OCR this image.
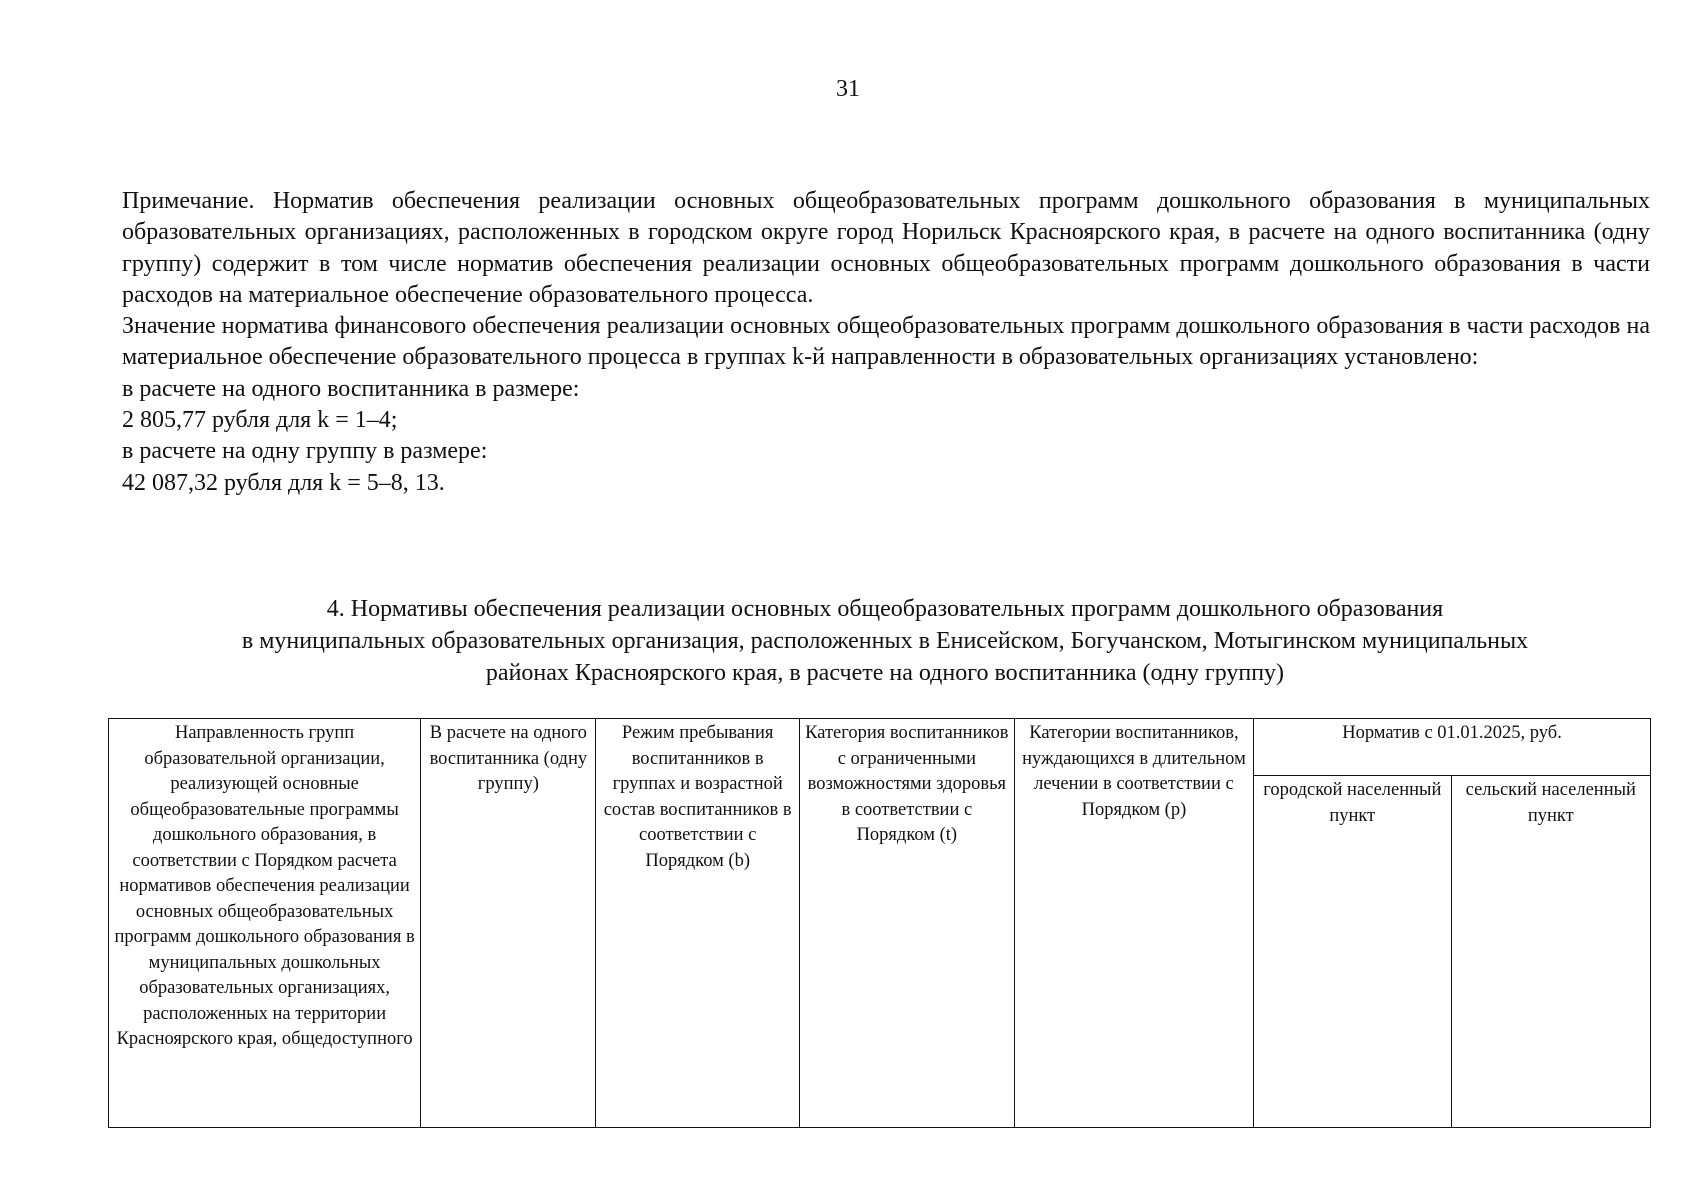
31

Примечание. Норматив обеспечения реализации основных общеобразовательных программ дошкольного образования в муниципальных образовательных организациях, расположенных в городском округе город Норильск Красноярского края, в расчете на одного воспитанника (одну группу) содержит в том числе норматив обеспечения реализации основных общеобразовательных программ дошкольного образования в части расходов на материальное обеспечение образовательного процесса.

Значение норматива финансового обеспечения реализации основных общеобразовательных программ дошкольного образования в части расходов на материальное обеспечение образовательного процесса в группах k-й направленности в образовательных организациях установлено:

в расчете на одного воспитанника в размере:
2 805,77 рубля для k = 1–4;
в расчете на одну группу в размере:
42 087,32 рубля для k = 5–8, 13.
4. Нормативы обеспечения реализации основных общеобразовательных программ дошкольного образования
в муниципальных образовательных организация, расположенных в Енисейском, Богучанском, Мотыгинском муниципальных
районах Красноярского края, в расчете на одного воспитанника (одну группу)
Направленность групп образовательной организации, реализующей основные общеобразовательные программы дошкольного образования, в соответствии с Порядком расчета нормативов обеспечения реализации основных общеобразовательных программ дошкольного образования в муниципальных дошкольных образовательных организациях, расположенных на территории Красноярского края, общедоступного	В расчете на одного воспитанника (одну группу)	Режим пребывания воспитанников в группах и возрастной состав воспитанников в соответствии с Порядком (b)	Категория воспитанников с ограниченными возможностями здоровья в соответствии с Порядком (t)	Категории воспитанников, нуждающихся в длительном лечении в соответствии с Порядком (p)	Норматив с 01.01.2025, руб.	
					городской населенный пункт	сельский населенный пункт
